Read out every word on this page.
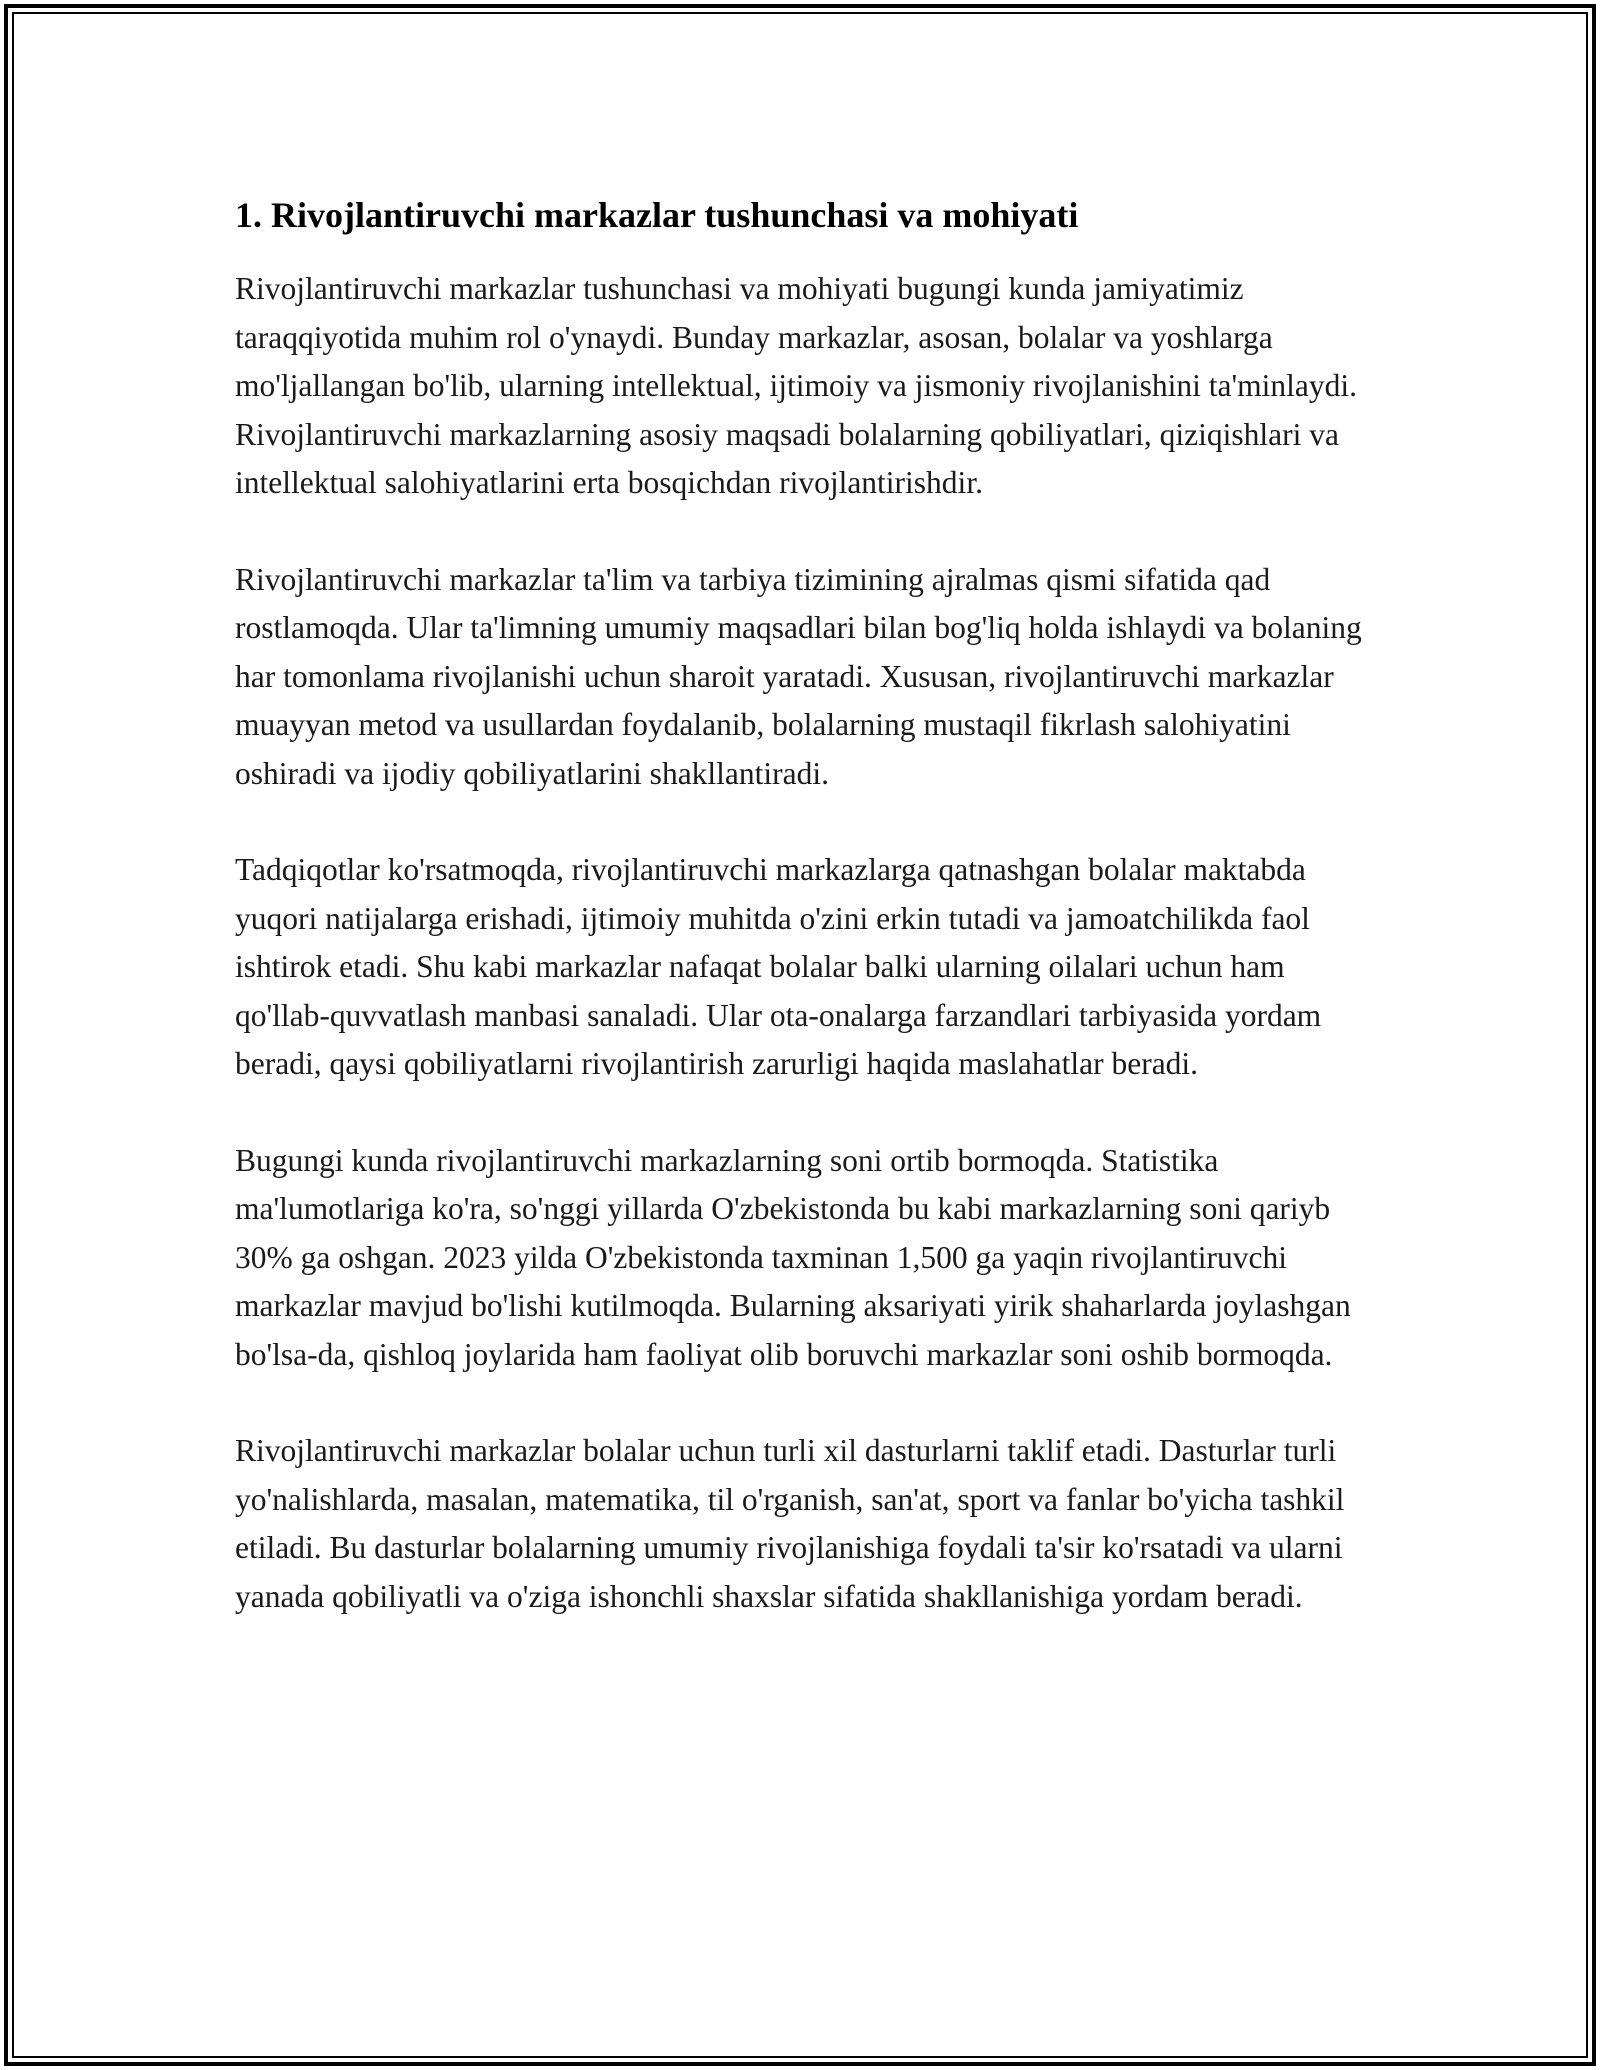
1. Rivojlantiruvchi markazlar tushunchasi va mohiyati

Rivojlantiruvchi markazlar tushunchasi va mohiyati bugungi kunda jamiyatimiz taraqqiyotida muhim rol o'ynaydi. Bunday markazlar, asosan, bolalar va yoshlarga mo'ljallangan bo'lib, ularning intellektual, ijtimoiy va jismoniy rivojlanishini ta'minlaydi. Rivojlantiruvchi markazlarning asosiy maqsadi bolalarning qobiliyatlari, qiziqishlari va intellektual salohiyatlarini erta bosqichdan rivojlantirishdir.

Rivojlantiruvchi markazlar ta'lim va tarbiya tizimining ajralmas qismi sifatida qad rostlamoqda. Ular ta'limning umumiy maqsadlari bilan bog'liq holda ishlaydi va bolaning har tomonlama rivojlanishi uchun sharoit yaratadi. Xususan, rivojlantiruvchi markazlar muayyan metod va usullardan foydalanib, bolalarning mustaqil fikrlash salohiyatini oshiradi va ijodiy qobiliyatlarini shakllantiradi.

Tadqiqotlar ko'rsatmoqda, rivojlantiruvchi markazlarga qatnashgan bolalar maktabda yuqori natijalarga erishadi, ijtimoiy muhitda o'zini erkin tutadi va jamoatchilikda faol ishtirok etadi. Shu kabi markazlar nafaqat bolalar balki ularning oilalari uchun ham qo'llab-quvvatlash manbasi sanaladi. Ular ota-onalarga farzandlari tarbiyasida yordam beradi, qaysi qobiliyatlarni rivojlantirish zarurligi haqida maslahatlar beradi.

Bugungi kunda rivojlantiruvchi markazlarning soni ortib bormoqda. Statistika ma'lumotlariga ko'ra, so'nggi yillarda O'zbekistonda bu kabi markazlarning soni qariyb 30% ga oshgan. 2023 yilda O'zbekistonda taxminan 1,500 ga yaqin rivojlantiruvchi markazlar mavjud bo'lishi kutilmoqda. Bularning aksariyati yirik shaharlarda joylashgan bo'lsa-da, qishloq joylarida ham faoliyat olib boruvchi markazlar soni oshib bormoqda.

Rivojlantiruvchi markazlar bolalar uchun turli xil dasturlarni taklif etadi. Dasturlar turli yo'nalishlarda, masalan, matematika, til o'rganish, san'at, sport va fanlar bo'yicha tashkil etiladi. Bu dasturlar bolalarning umumiy rivojlanishiga foydali ta'sir ko'rsatadi va ularni yanada qobiliyatli va o'ziga ishonchli shaxslar sifatida shakllanishiga yordam beradi.
